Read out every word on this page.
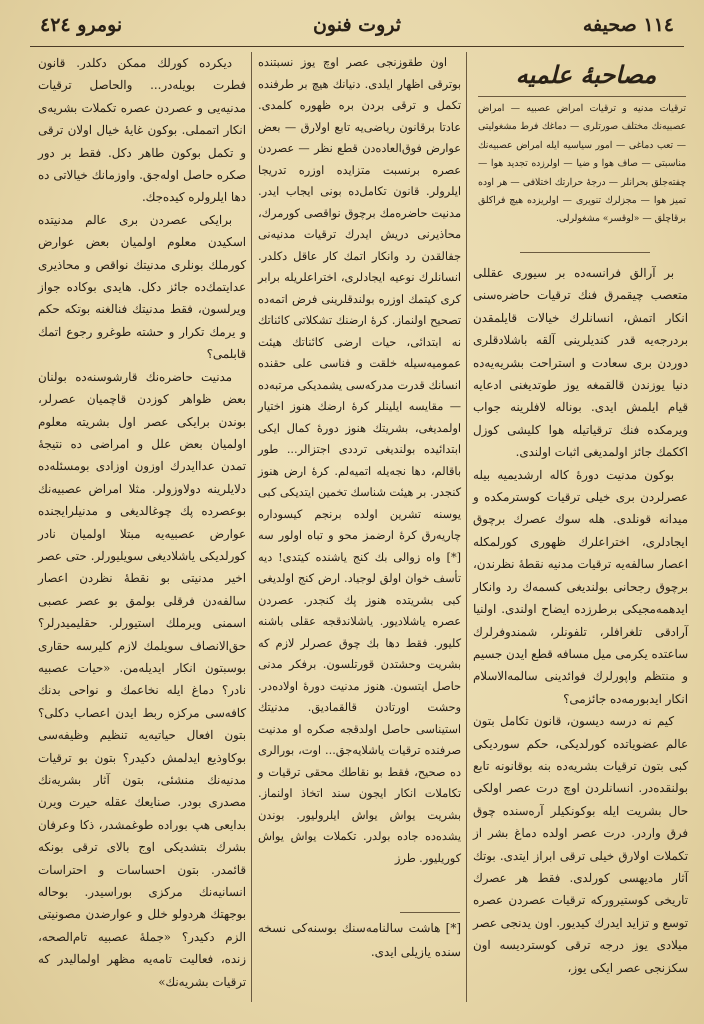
۱۱٤ صحیفه
ثروت فنون
نومرو ٤٢٤
مصاحبهٔ علمیه
ترقیات مدنیه و ترقیات امراض عصبیه — امراض عصبیه‌نك مختلف صورتلری — دماغك فرط مشغولیتی — تعب دماغی — امور سیاسیه ایله امراض عصبیه‌نك مناسبتی — صاف هوا و ضیا — اولرزده تجدید هوا — چفته‌جلق بحرانلر — درجهٔ حرارتك اختلافی — هر اوده تمیز هوا — مجزلرك تنویری — اولریزده هیچ فراکلق برقاچلق — «لوقسر» مشغولرلی.

بر آرالق فرانسه‌ده بر سیوری عقللی متعصب چیقمرق فنك ترقیات حاضره‌سنی انکار اتمش، انسانلرك خیالات قایلمقدن بردرجه‌یه قدر کندیلرینی آلقه باشلادقلری دوردن بری سعادت و استراحت بشریه‌یه‌ده دنیا یوزندن قالقمغه یوز طوتدیغنی ادعایه قیام ایلمش ایدی. بوناله لافلرینه جواب ویرمکده فنك ترقیاتیله هوا کلیشی کوزل اککمك جائز اولمدیغی اثبات اولندی.

بوکون مدنیت دورهٔ کاله ارشدیمیه بیله عصرلردن بری خیلی ترقیات کوسترمکده و میدانه قونلدی. هله سوك عصرك برچوق ایجادلری، اختراعلرك ظهوری کورلمکله اعصار سالفه‌یه ترقیات مدنیه نقطهٔ نظرندن، برچوق رجحانی بولندیغی کسمه‌ك رد وانکار ایدهمه‌مجیکی برطرزده ایضاح اولندی. اولنیا آرادقی تلغرافلر، تلفونلر، شمندوفرلرك ساعتده یکرمی میل مسافه قطع ایدن جسیم و منتظم واپورلرك فوائدینی سالمه‌الاسلام انکار ایدبورمه‌ده جائزمی؟

کیم نه درسه دیسون، قانون تکامل بتون عالم عضویاتده کورلدیکی، حکم سوردیکی کبی بتون ترقیات بشریه‌ده بنه بوقانونه تابع بولنقده‌در. انسانلردن اوچ درت عصر اولکی حال بشریت ایله بوکونکیلر آره‌سنده چوق فرق واردر. درت عصر اولده دماغ بشر از تکملات اولارق خیلی ترقی ابراز ایتدی. بوتك آثار مادیهسی کورلدی. فقط هر عصرك تاریخی کوستیرورکه ترقیات عصردن عصره توسع و تزاید ایدرك کیدیور. اون یدنجی عصر میلادی یوز درجه ترقی کوستردیسه اون سکزنجی عصر ایکی یوز،

اون طقوزنجی عصر اوچ یوز نسبتنده بوترقی اظهار ایلدی. دنیانك هیچ بر طرفنده تکمل و ترقی بردن بره ظهوره کلمدی. عادتا برقانون ریاضی‌یه تابع اولارق — بعض عوارض فوق‌العاده‌دن قطع نظر — عصردن عصره برنسبت متزایده اوزره تدریجا ایلرولر. قانون تکامل‌ده بونی ایجاب ایدر. مدنیت حاضره‌مك برچوق نواقصی کورمرك، محاذیرنی دریش ایدرك ترقیات مدنیه‌نی جفالقدن رد وانکار اتمك کار عاقل دکلدر. انسانلرك نوعیه ایجادلری، اختراعلریله برابر کری کیتمك اوزره بولندقلرینی فرض اتمه‌ده تصحیح اولنماز. کرهٔ ارضنك تشکلاتی کائناتك نه ابتدائی، حیات ارضی کائناتك هیئت عمومیه‌سیله خلقت و فناسی علی حقنده انسانك قدرت مدرکه‌سی یشمدیکی مرتبه‌ده — مقایسه ایلینلر کرهٔ ارضك هنوز اختیار اولمدیغی، بشریتك هنوز دورهٔ کمال ایکی ابتدائیده بولندیغی ترددی اجتزالر... طور باقالم، دها نجه‌یله اتمیه‌لم. کرهٔ ارض هنوز کنجدر. بر هیئت شناسك تخمین ایتدیکی کبی یوسنه تشرین اولده برنجم کیسوداره چاریه‌رق کرهٔ ارضمز محو و تباه اولور سه [*] واه زوالی بك کنج یاشنده کیتدی! دیه تأسف خوان اولق لوجیاد. ارض کنج اولدیغی کبی بشریتده هنوز پك کنجدر. عصردن عصره یاشلادیور. یاشلاندقجه عقلی باشنه کلیور. فقط دها بك چوق عصرلر لازم که بشریت وحشتدن قورتلسون. برفکر مدنی حاصل ایتسون. هنوز مدنیت دورهٔ اولاده‌در. وحشت اورتادن قالقمادیق. مدنیتك استیناسی حاصل اولدقجه صکره او مدنیت صرفنده ترقیات یاشلایه‌جق... اوت، بورالری ده صحیح، فقط بو نقاطك محقی ترقیات و تکاملات انکار ایجون سند اتخاذ اولنماز. بشریت یواش یواش ایلرولیور. بوندن یشده‌ده جاده بولدر. تکملات یواش یواش کوریلیور. طرز

[*] هاشت سالنامه‌سنك بوسنه‌کی نسخه سنده یازیلی ایدی.

دیکرده کورلك ممکن دکلدر. قانون فطرت بویله‌در... والحاصل ترقیات مدنیه‌یی و عصردن عصره تکملات بشریه‌ی انکار اتمملی. بوکون غایهٔ خیال اولان ترقی و تکمل بوکون طاهر دکل. فقط بر دور صکره حاصل اوله‌جق. واوزمانك خیالاتی ده دها ایلرولره کیده‌جك.

برایکی عصردن بری عالم مدنیتده اسکیدن معلوم اولمیان بعض عوارض کورملك بونلری مدنیتك نواقص و محاذیری عدایتمك‌ده جائز دکل. هایدی بوکاده جواز ویرلسون، فقط مدنیتك فنالغنه بوتکه حکم و یرمك تکرار و حشته طوغرو رجوع اتمك قابلمی؟

مدنیت حاضره‌نك قارشوسنه‌ده بولنان بعض ظواهر کوزدن قاچمیان عصرلر، بوندن برایکی عصر اول بشریته معلوم اولمیان بعض علل و امراضی ده نتیجهٔ تمدن عداایدرك اوزون اوزادی بومسئله‌ده دلایلرینه دولاوزولر. مثلا امراض عصبیه‌نك بوعصرده پك چوغالدیغی و مدنیلرایجنده عوارض عصبیه‌یه مبتلا اولمیان نادر کورلدیکی یاشلادیغی سویلیورلر. حتی عصر اخیر مدنیتی بو نقطهٔ نظردن اعصار سالفه‌دن فرقلی بولمق بو عصر عصبی اسمنی ویرملك استیورلر. حقلیمیدرلر؟ حق‌الانصاف سویلمك لازم کلیرسه حقاری بوسبتون انکار ایدیله‌من. «حیات عصبیه نادر؟ دماغ ایله نخاعمك و نواحی بدنك کافه‌سی مرکزه ربط ایدن اعصاب دکلی؟ بتون افعال حیاتیه‌یه تنظیم وظیفه‌سی بوکاوذیع ایدلمش دکیدر؟ بتون بو ترقیات مدنیه‌نك منشئی، بتون آثار بشریه‌نك مصدری بودر. صنایعك عقله حیرت ویرن بدایعی هپ بوراده طوغمشدر، ذکا وعرفان بشرك بتشدیکی اوج بالای ترقی بونکه قائمدر. بتون احساسات و احتراسات انسانیه‌نك مرکزی بوراسیدر. بوحاله بوجهتك هردولو خلل و عوارضدن مصونیتی الزم دکیدر؟ «جملهٔ عصبیه تام‌الصحه، زنده، فعالیت تامه‌یه مظهر اولمالیدر که ترقیات بشریه‌نك»
